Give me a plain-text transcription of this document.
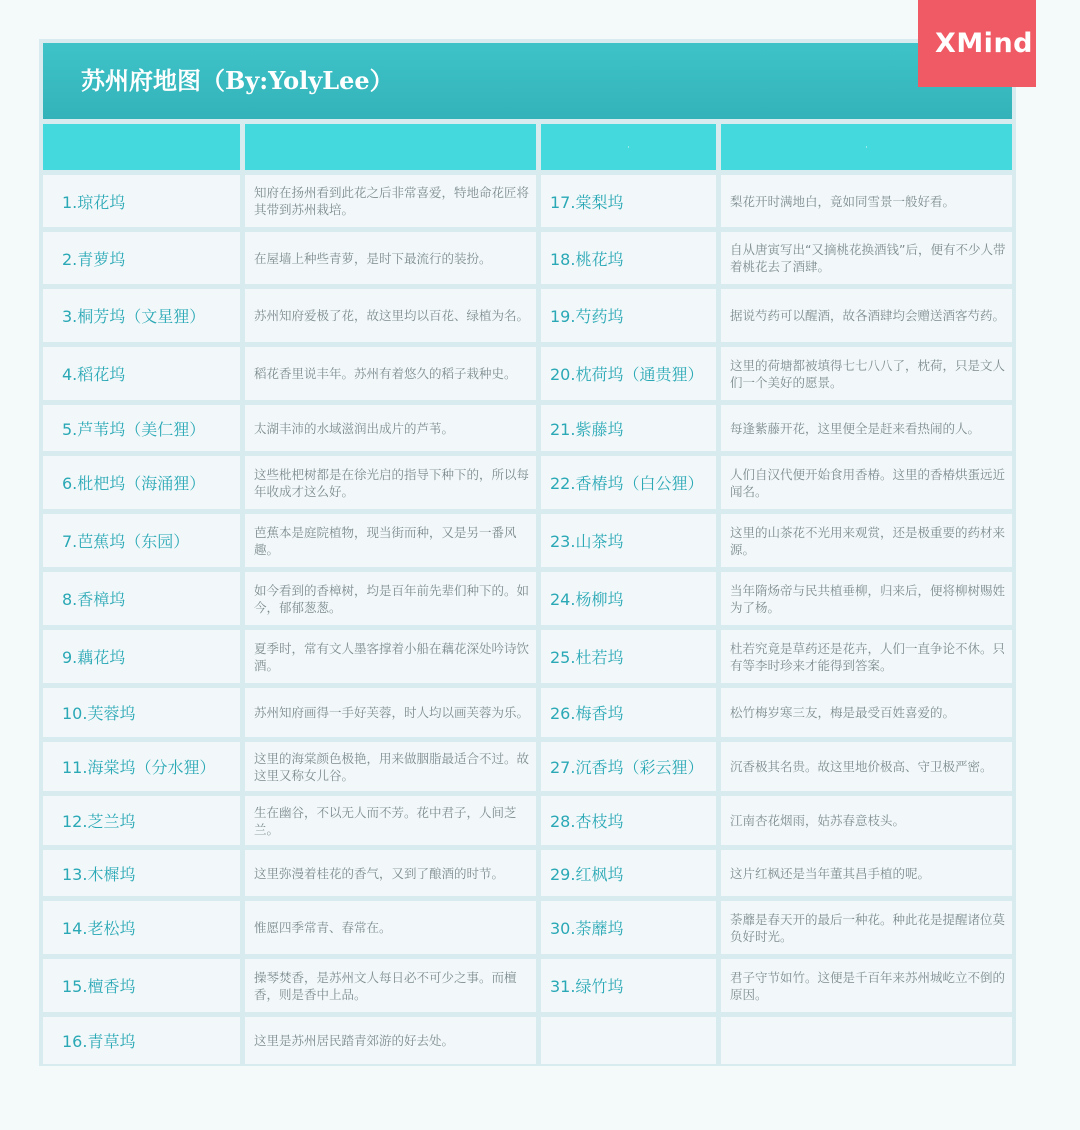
苏州府地图（By:YolyLee）
·	·
1.琼花坞	知府在扬州看到此花之后非常喜爱，特地命花匠将其带到苏州栽培。	17.棠梨坞	梨花开时满地白，竟如同雪景一般好看。
2.青萝坞	在屋墙上种些青萝，是时下最流行的装扮。	18.桃花坞	自从唐寅写出“又摘桃花换酒钱”后，便有不少人带着桃花去了酒肆。
3.桐芳坞（文星狸）	苏州知府爱极了花，故这里均以百花、绿植为名。	19.芍药坞	据说芍药可以醒酒，故各酒肆均会赠送酒客芍药。
4.稻花坞	稻花香里说丰年。苏州有着悠久的稻子栽种史。	20.枕荷坞（通贵狸）	这里的荷塘都被填得七七八八了，枕荷，只是文人们一个美好的愿景。
5.芦苇坞（美仁狸）	太湖丰沛的水域滋润出成片的芦苇。	21.紫藤坞	每逢紫藤开花，这里便全是赶来看热闹的人。
6.枇杷坞（海涌狸）	这些枇杷树都是在徐光启的指导下种下的，所以每年收成才这么好。	22.香椿坞（白公狸）	人们自汉代便开始食用香椿。这里的香椿烘蛋远近闻名。
7.芭蕉坞（东园）	芭蕉本是庭院植物，现当街而种，又是另一番风趣。	23.山茶坞	这里的山茶花不光用来观赏，还是极重要的药材来源。
8.香樟坞	如今看到的香樟树，均是百年前先辈们种下的。如今，郁郁葱葱。	24.杨柳坞	当年隋炀帝与民共植垂柳，归来后，便将柳树赐姓为了杨。
9.藕花坞	夏季时，常有文人墨客撑着小船在藕花深处吟诗饮酒。	25.杜若坞	杜若究竟是草药还是花卉，人们一直争论不休。只有等李时珍来才能得到答案。
10.芙蓉坞	苏州知府画得一手好芙蓉，时人均以画芙蓉为乐。	26.梅香坞	松竹梅岁寒三友，梅是最受百姓喜爱的。
11.海棠坞（分水狸）	这里的海棠颜色极艳，用来做胭脂最适合不过。故这里又称女儿谷。	27.沉香坞（彩云狸）	沉香极其名贵。故这里地价极高、守卫极严密。
12.芝兰坞	生在幽谷，不以无人而不芳。花中君子，人间芝兰。	28.杏枝坞	江南杏花烟雨，姑苏春意枝头。
13.木樨坞	这里弥漫着桂花的香气，又到了酿酒的时节。	29.红枫坞	这片红枫还是当年董其昌手植的呢。
14.老松坞	惟愿四季常青、春常在。	30.荼蘼坞	荼蘼是春天开的最后一种花。种此花是提醒诸位莫负好时光。
15.檀香坞	操琴焚香，是苏州文人每日必不可少之事。而檀香，则是香中上品。	31.绿竹坞	君子守节如竹。这便是千百年来苏州城屹立不倒的原因。
16.青草坞	这里是苏州居民踏青郊游的好去处。
XMind
